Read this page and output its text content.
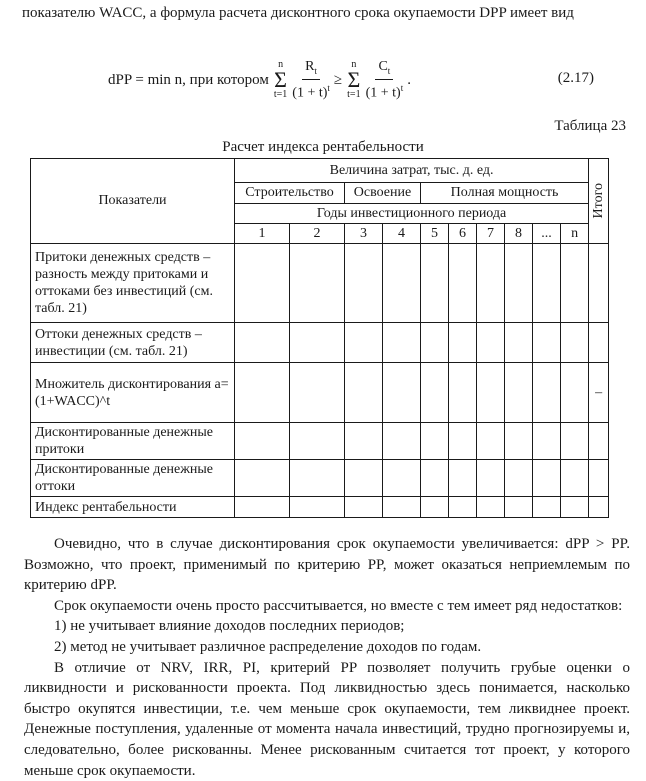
показателю WACC, а формула расчета дисконтного срока окупаемости DPP имеет вид
dPP = min n, при котором
n
Σ
$t=1 \frac{R_t}{(1 + t)^t}$ ≥
n
Σ
$t=1 \frac{C_t}{(1 + t)^t}$ .	(2.17)
Таблица 23
Расчет индекса рентабельности
Показатели	Величина затрат, тыс. д. ед.										Итого

	Строительство		Освоение		Полная мощность						
	Годы инвестиционного периода										
	1	2	3	4	5	6	7	8	...	n	
Притоки денежных средств – разность между притоками и оттоками без инвестиций (см. табл. 21)											
Оттоки денежных средств – инвестиции (см. табл. 21)											
Множитель дисконтирования a=(1+WACC)^t											–
Дисконтированные денежные притоки											
Дисконтированные денежные оттоки											
Индекс рентабельности											

Очевидно, что в случае дисконтирования срок окупаемости увеличивается: dPP > PP. Возможно, что проект, применимый по критерию PP, может оказаться неприемлемым по критерию dPP.

Срок окупаемости очень просто рассчитывается, но вместе с тем имеет ряд недостатков:

1) не учитывает влияние доходов последних периодов;

2) метод не учитывает различное распределение доходов по годам.

В отличие от NRV, IRR, PI, критерий PP позволяет получить грубые оценки о ликвидности и рискованности проекта. Под ликвидностью здесь понимается, насколько быстро окупятся инвестиции, т.е. чем меньше срок окупаемости, тем ликвиднее проект. Денежные поступления, удаленные от момента начала инвестиций, трудно прогнозируемы и, следовательно, более рискованны. Менее рискованным считается тот проект, у которого меньше срок окупаемости.
